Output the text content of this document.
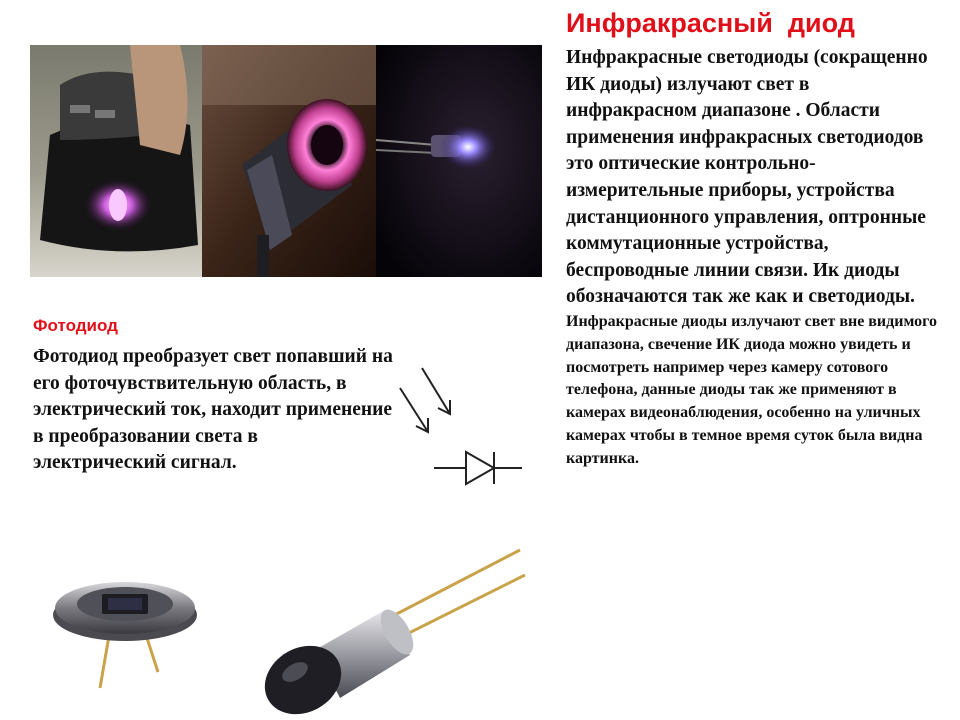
Инфракрасный  диод

Инфракрасные светодиоды (сокращенно ИК диоды) излучают свет в инфракрасном диапазоне . Области применения инфракрасных светодиодов это оптические контрольно-измерительные приборы, устройства дистанционного управления, оптронные коммутационные устройства, беспроводные линии связи. Ик диоды обозначаются так же как и светодиоды. Инфракрасные диоды излучают свет вне видимого диапазона, свечение ИК диода можно увидеть и посмотреть например через камеру сотового телефона, данные диоды так же применяют в камерах видеонаблюдения, особенно на уличных камерах чтобы в темное время суток была видна картинка.

Фотодиод

Фотодиод преобразует свет попавший на его фоточувствительную область, в электрический ток, находит применение в преобразовании света в электрический сигнал.
